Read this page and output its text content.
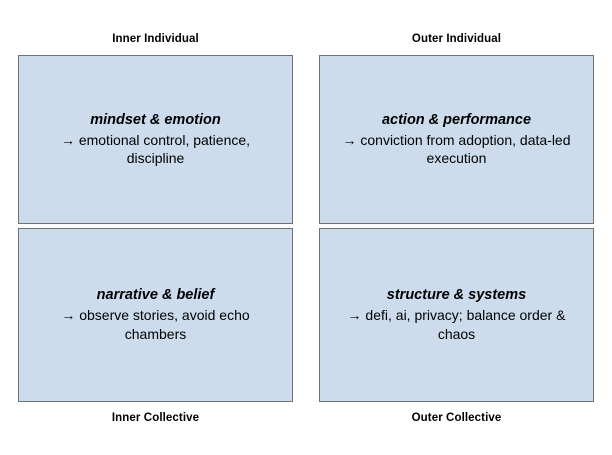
Inner Individual	Outer Individual
mindset & emotion
→ emotional control, patience, discipline
action & performance
→ conviction from adoption, data-led execution
narrative & belief
→ observe stories, avoid echo chambers
structure & systems
→ defi, ai, privacy; balance order & chaos
Inner Collective	Outer Collective
